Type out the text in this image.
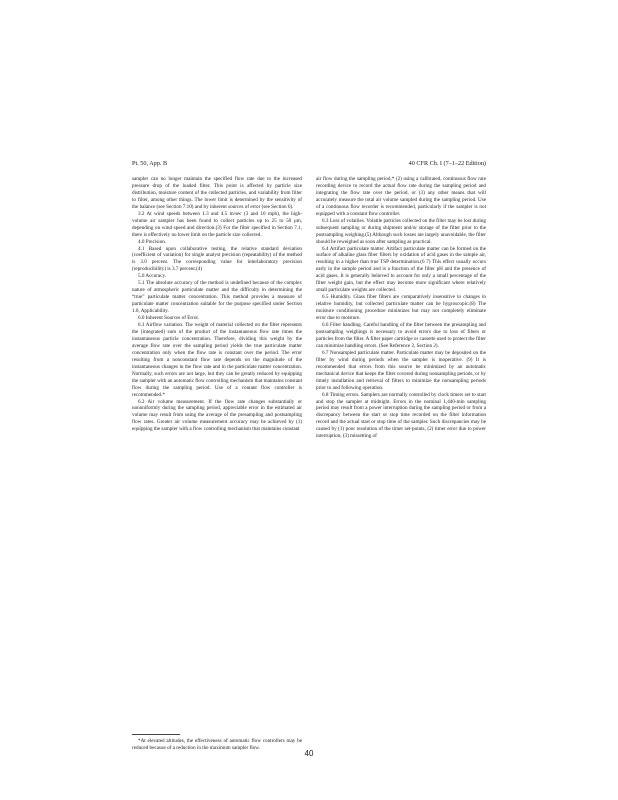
Pt. 50, App. B	40 CFR Ch. I (7–1–22 Edition)

sampler can no longer maintain the specified flow rate due to the increased pressure drop of the loaded filter. This point is affected by particle size distribution, moisture content of the collected particles, and variability from filter to filter, among other things. The lower limit is determined by the sensitivity of the balance (see Section 7.10) and by inherent sources of error (see Section 6).

3.2 At wind speeds between 1.3 and 4.5 m/sec (3 and 10 mph), the high-volume air sampler has been found to collect particles up to 25 to 50 μm, depending on wind speed and direction.(3) For the filter specified in Section 7.1, there is effectively no lower limit on the particle size collected.

4.0 Precision.

4.1 Based upon collaborative testing, the relative standard deviation (coefficient of variation) for single analyst precision (repeatability) of the method is 3.0 percent. The corresponding value for interlaboratory precision (reproducibility) is 3.7 percent.(4)

5.0 Accuracy.

5.1 The absolute accuracy of the method is undefined because of the complex nature of atmospheric particulate matter and the difficulty in determining the “true” particulate matter concentration. This method provides a measure of particulate matter concentration suitable for the purpose specified under Section 1.0, Applicability.

6.0 Inherent Sources of Error.

6.1 Airflow variation. The weight of material collected on the filter represents the (integrated) sum of the product of the instantaneous flow rate times the instantaneous particle concentration. Therefore, dividing this weight by the average flow rate over the sampling period yields the true particulate matter concentration only when the flow rate is constant over the period. The error resulting from a nonconstant flow rate depends on the magnitude of the instantaneous changes in the flow rate and in the particulate matter concentration. Normally, such errors are not large, but they can be greatly reduced by equipping the sampler with an automatic flow controlling mechanism that maintains constant flow during the sampling period. Use of a contant flow controller is recommended.*

6.2 Air volume measurement. If the flow rate changes substantially or nonuniformly during the sampling period, appreciable error in the estimated air volume may result from using the average of the presampling and postsampling flow rates. Greater air volume measurement accuracy may be achieved by (1) equipping the sampler with a flow controlling mechanism that maintains constant

*At elevated altitudes, the effectiveness of automatic flow controllers may be reduced because of a reduction in the maximum sampler flow.

air flow during the sampling period,* (2) using a calibrated, continuous flow rate recording device to record the actual flow rate during the sampling period and integrating the flow rate over the period, or (3) any other means that will accurately measure the total air volume sampled during the sampling period. Use of a continuous flow recorder is recommended, particularly if the sampler is not equipped with a constant flow controller.

6.3 Loss of volatiles. Volatile particles collected on the filter may be lost during subsequent sampling or during shipment and/or storage of the filter prior to the postsampling weighing.(5) Although such losses are largely unavoidable, the filter should be reweighed as soon after sampling as practical.

6.4 Artifact particulate matter. Artifact particulate matter can be formed on the surface of alkaline glass fiber filters by oxidation of acid gases in the sample air, resulting in a higher than true TSP determination.(6 7) This effect usually occurs early in the sample period and is a function of the filter pH and the presence of acid gases. It is generally believed to account for only a small percentage of the filter weight gain, but the effect may become more significant where relatively small particulate weights are collected.

6.5 Humidity. Glass fiber filters are comparatively insensitive to changes in relative humidity, but collected particulate matter can be hygroscopic.(8) The moisture conditioning procedure minimizes but may not completely eliminate error due to moisture.

6.6 Filter handling. Careful handling of the filter between the presampling and postsampling weighings is necessary to avoid errors due to loss of fibers or particles from the filter. A filter paper cartridge or cassette used to protect the filter can minimize handling errors. (See Reference 2, Section 2).

6.7 Nonsampled particulate matter. Particulate matter may be deposited on the filter by wind during periods when the sampler is inoperative. (9) It is recommended that errors from this source be minimized by an automatic mechanical device that keeps the filter covered during nonsampling periods, or by timely installation and retrieval of filters to minimize the nonsampling periods prior to and following operation.

6.8 Timing errors. Samplers are normally controlled by clock timers set to start and stop the sampler at midnight. Errors in the nominal 1,440-min sampling period may result from a power interruption during the sampling period or from a discrepancy between the start or stop time recorded on the filter information record and the actual start or stop time of the sampler. Such discrepancies may be caused by (1) poor resolution of the timer set-points, (2) timer error due to power interruption, (3) missetting of

40
